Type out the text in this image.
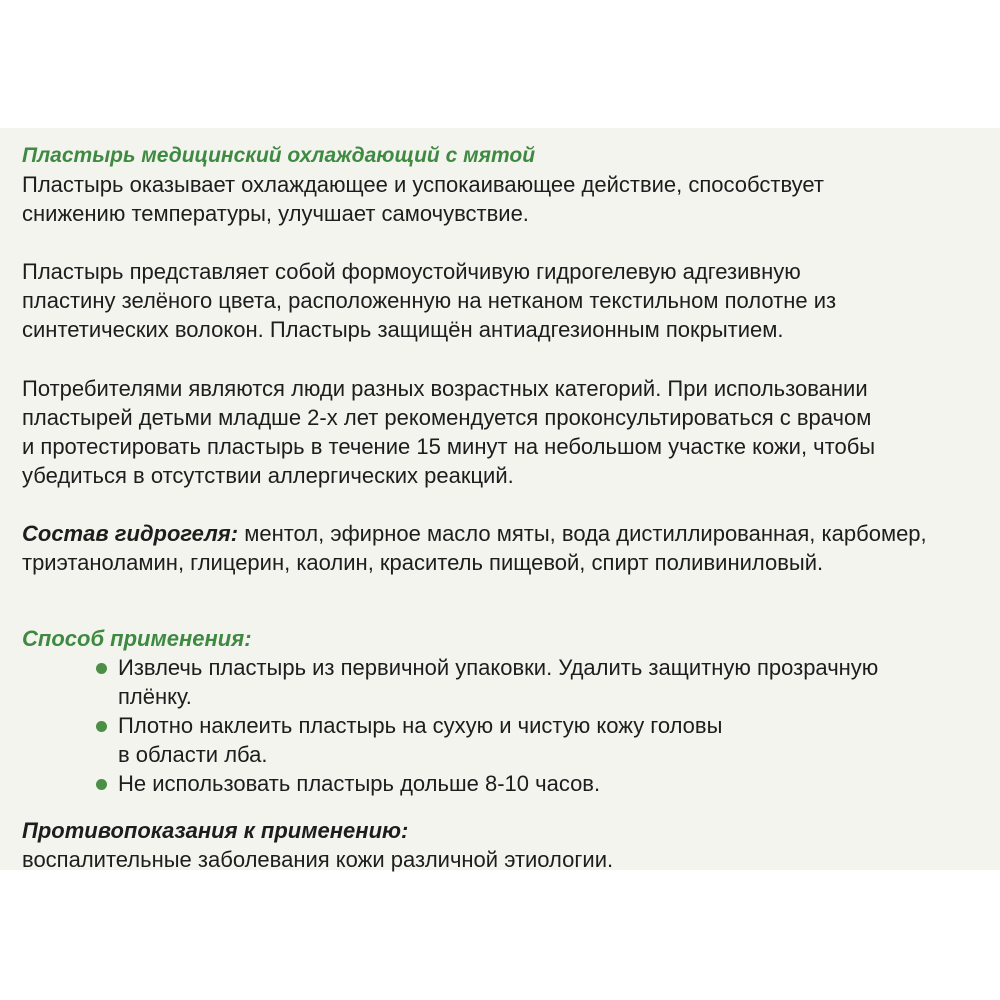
Пластырь медицинский охлаждающий с мятой

Пластырь оказывает охлаждающее и успокаивающее действие, способствует
снижению температуры, улучшает самочувствие.

Пластырь представляет собой формоустойчивую гидрогелевую адгезивную
пластину зелёного цвета, расположенную на нетканом текстильном полотне из
синтетических волокон. Пластырь защищён антиадгезионным покрытием.

Потребителями являются люди разных возрастных категорий. При использовании
пластырей детьми младше 2-х лет рекомендуется проконсультироваться с врачом
и протестировать пластырь в течение 15 минут на небольшом участке кожи, чтобы
убедиться в отсутствии аллергических реакций.

Состав гидрогеля: ментол, эфирное масло мяты, вода дистиллированная, карбомер,
триэтаноламин, глицерин, каолин, краситель пищевой, спирт поливиниловый.

Способ применения:

Извлечь пластырь из первичной упаковки. Удалить защитную прозрачную
плёнку.
Плотно наклеить пластырь на сухую и чистую кожу головы
в области лба.
Не использовать пластырь дольше 8-10 часов.

Противопоказания к применению:

воспалительные заболевания кожи различной этиологии.
